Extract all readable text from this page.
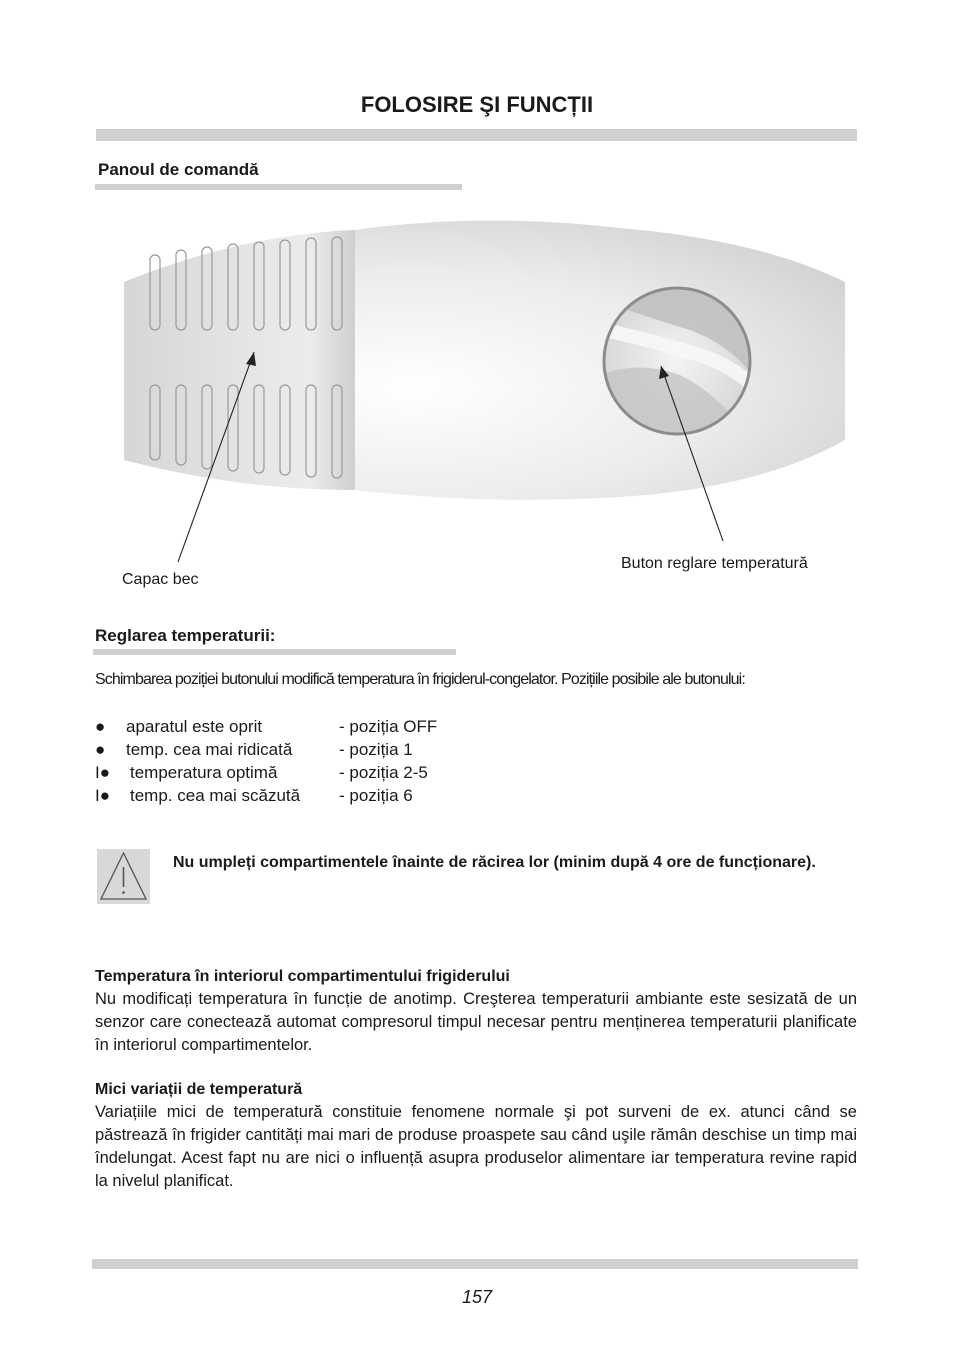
FOLOSIRE ŞI FUNCȚII
Panoul de comandă
Capac bec
Buton reglare temperatură
Reglarea temperaturii:
Schimbarea poziției butonului modifică temperatura în frigiderul-congelator. Pozițiile posibile ale butonului:
●	aparatul este oprit	- poziția OFF
●	temp. cea mai ridicată	- poziția 1
I●	temperatura optimă	- poziția 2-5
I●	temp. cea mai scăzută - poziția 6
Nu umpleți compartimentele înainte de răcirea lor (minim după 4 ore de funcționare).
Temperatura în interiorul compartimentului frigiderului
Nu modificați temperatura în funcție de anotimp. Creşterea temperaturii ambiante este sesizată de un senzor care conectează automat compresorul timpul necesar pentru menținerea temperaturii planificate în interiorul compartimentelor.
Mici variații de temperatură
Variațiile mici de temperatură constituie fenomene normale şi pot surveni de ex. atunci când se păstrează în frigider cantități mai mari de produse proaspete sau când uşile rămân deschise un timp mai îndelungat. Acest fapt nu are nici o influență asupra produselor alimentare iar temperatura revine rapid la nivelul planificat.
157
